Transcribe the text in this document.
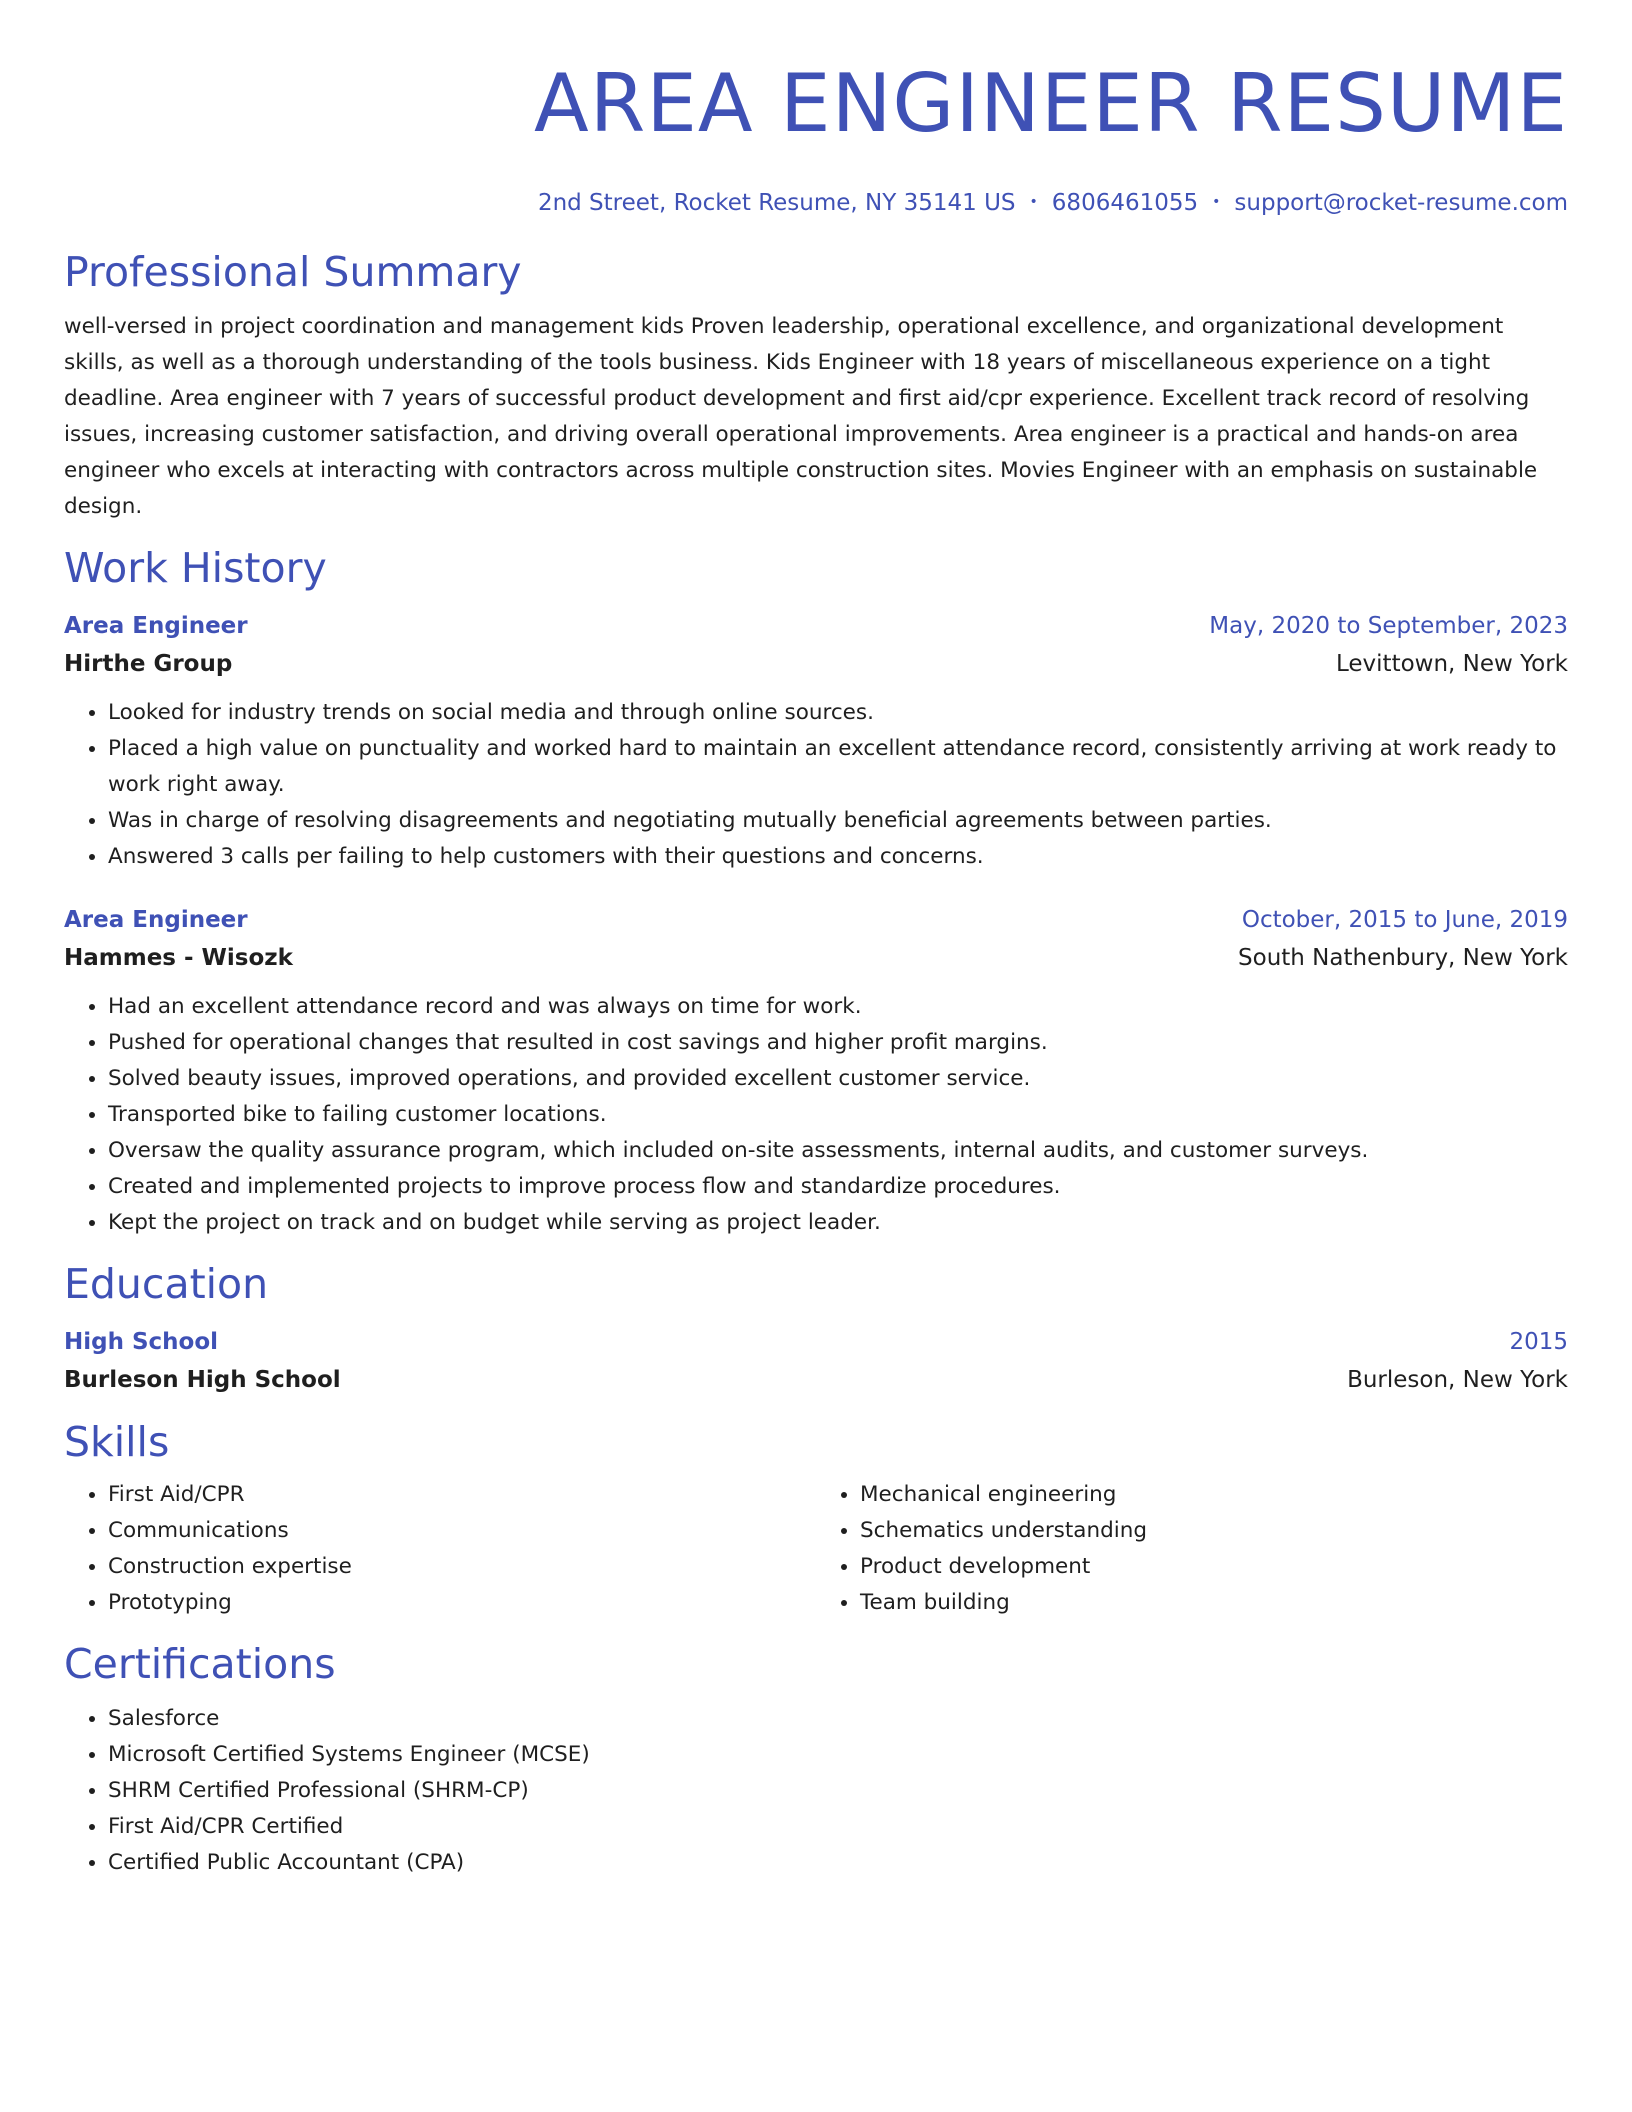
AREA ENGINEER RESUME
2nd Street, Rocket Resume, NY 35141 US • 6806461055 • support@rocket-resume.com
Professional Summary

well-versed in project coordination and management kids Proven leadership, operational excellence, and organizational development skills, as well as a thorough understanding of the tools business. Kids Engineer with 18 years of miscellaneous experience on a tight deadline. Area engineer with 7 years of successful product development and first aid/cpr experience. Excellent track record of resolving issues, increasing customer satisfaction, and driving overall operational improvements. Area engineer is a practical and hands-on area engineer who excels at interacting with contractors across multiple construction sites. Movies Engineer with an emphasis on sustainable design.

Work History
Area Engineer	May, 2020 to September, 2023
Hirthe Group	Levittown, New York
• Looked for industry trends on social media and through online sources.
• Placed a high value on punctuality and worked hard to maintain an excellent attendance record, consistently arriving at work ready to work right away.
• Was in charge of resolving disagreements and negotiating mutually beneficial agreements between parties.
• Answered 3 calls per failing to help customers with their questions and concerns.
Area Engineer	October, 2015 to June, 2019
Hammes - Wisozk	South Nathenbury, New York
• Had an excellent attendance record and was always on time for work.
• Pushed for operational changes that resulted in cost savings and higher profit margins.
• Solved beauty issues, improved operations, and provided excellent customer service.
• Transported bike to failing customer locations.
• Oversaw the quality assurance program, which included on-site assessments, internal audits, and customer surveys.
• Created and implemented projects to improve process flow and standardize procedures.
• Kept the project on track and on budget while serving as project leader.
Education
High School	2015
Burleson High School	Burleson, New York
Skills
• First Aid/CPR
• Communications
• Construction expertise
• Prototyping
• Mechanical engineering
• Schematics understanding
• Product development
• Team building
Certifications
• Salesforce
• Microsoft Certified Systems Engineer (MCSE)
• SHRM Certified Professional (SHRM-CP)
• First Aid/CPR Certified
• Certified Public Accountant (CPA)
